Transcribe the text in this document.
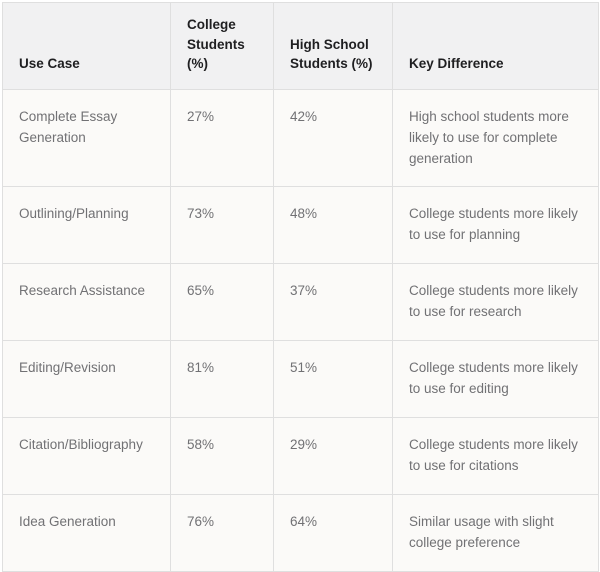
Use Case	College Students (%)	High School Students (%)	Key Difference
Complete Essay Generation	27%	42%	High school students more likely to use for complete generation
Outlining/Planning	73%	48%	College students more likely to use for planning
Research Assistance	65%	37%	College students more likely to use for research
Editing/Revision	81%	51%	College students more likely to use for editing
Citation/Bibliography	58%	29%	College students more likely to use for citations
Idea Generation	76%	64%	Similar usage with slight college preference
